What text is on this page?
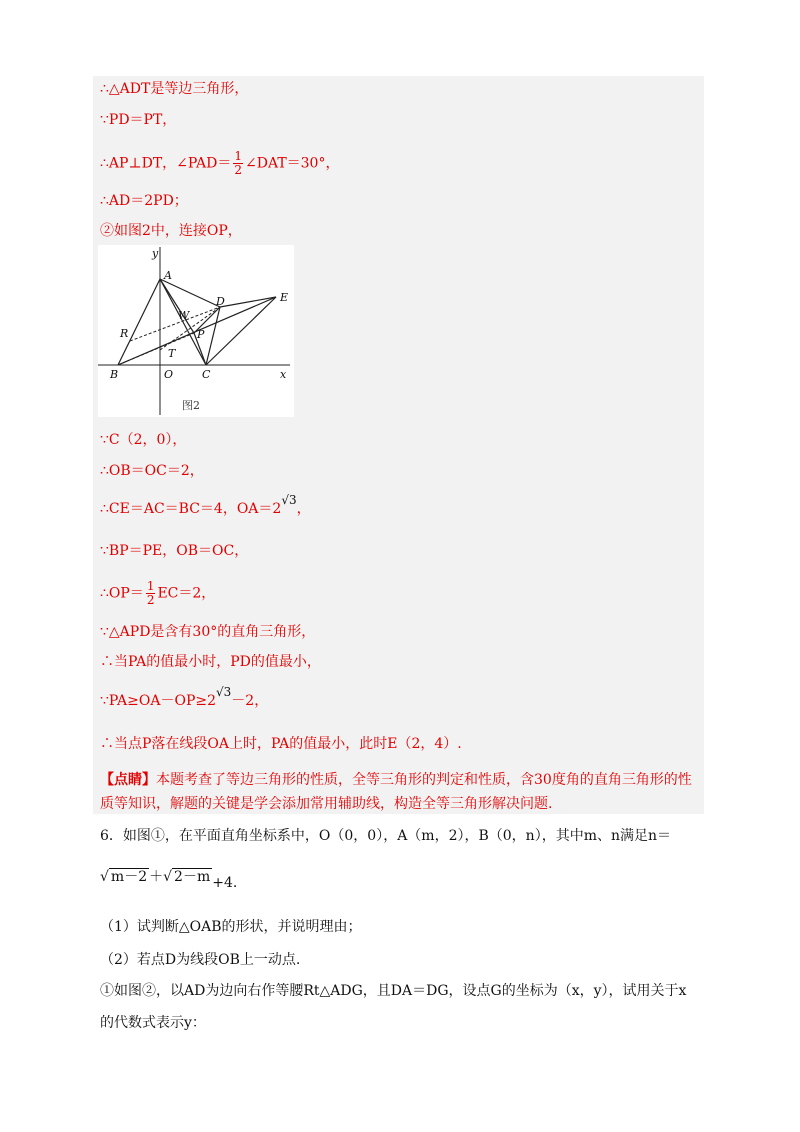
∴△ADT是等边三角形，
∵PD＝PT，
∴AP⊥DT，∠PAD＝ $\frac{1}{2}$ ∠DAT＝30°，
∴AD＝2PD；
②如图2中，连接OP，
y
x
A
B	O	C
D	E
R
W
P
T
图2
∵C（2，0），
∴OB＝OC＝2，
∴CE＝AC＝BC＝4，OA＝2√3，
∵BP＝PE，OB＝OC，
∴OP＝ $\frac{1}{2} EC=2$，
∵△APD是含有30°的直角三角形，
∴当PA的值最小时，PD的值最小，
∵PA≥OA－OP≥2√3－2，
∴当点P落在线段OA上时，PA的值最小，此时E（2，4）.
【点睛】本题考查了等边三角形的性质，全等三角形的判定和性质，含30度角的直角三角形的性质等知识，解题的关键是学会添加常用辅助线，构造全等三角形解决问题.
6．如图①，在平面直角坐标系中，O（0，0），A（m，2），B（0，n），其中m、n满足n＝
√ m－2 ＋√ 2－m +4.
（1）试判断△OAB的形状，并说明理由；
（2）若点D为线段OB上一动点.
①如图②，以AD为边向右作等腰Rt△ADG，且DA＝DG，设点G的坐标为（x，y），试用关于x
的代数式表示y：
